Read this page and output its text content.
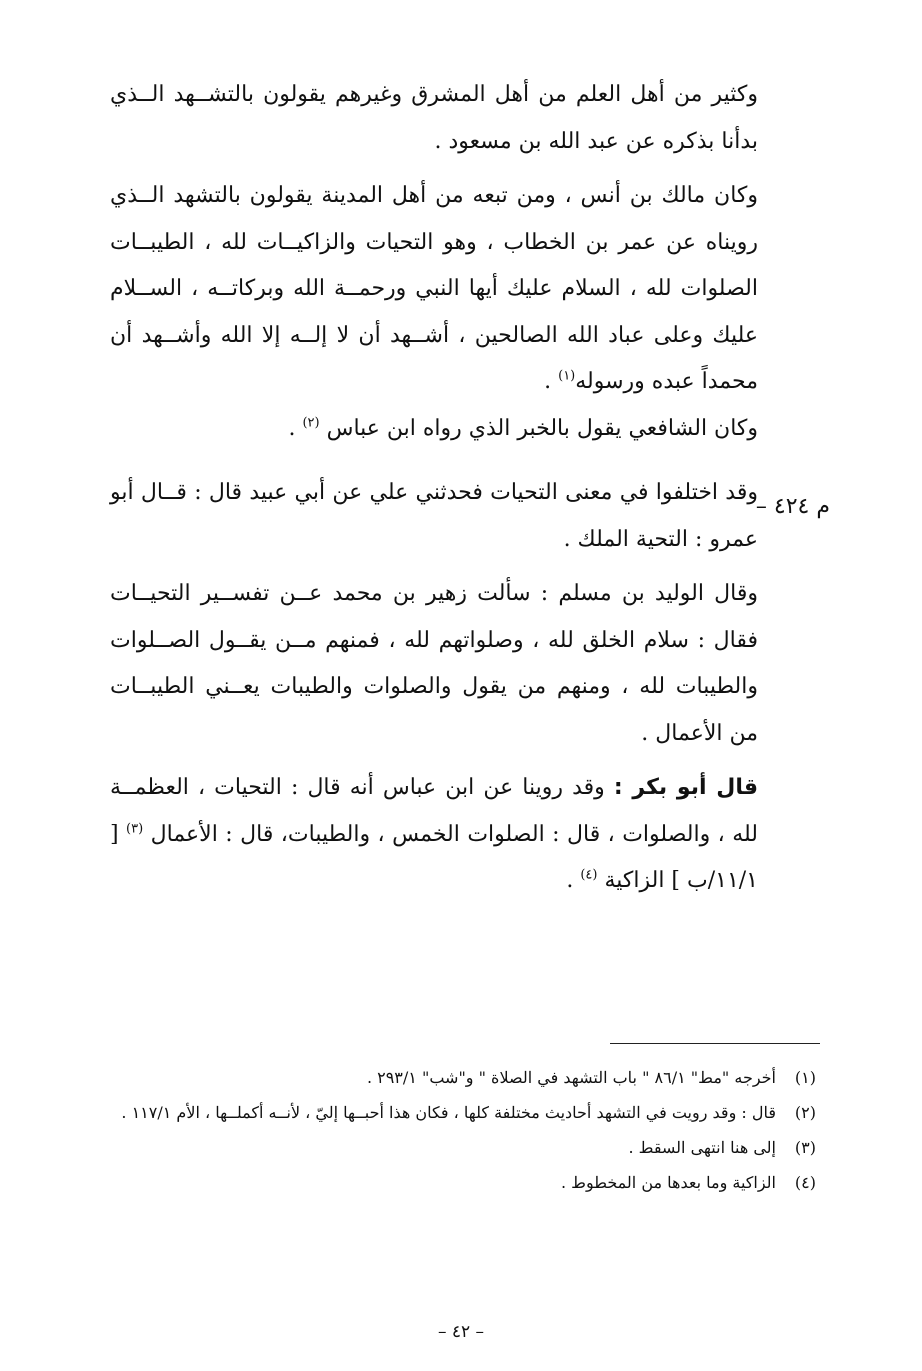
وكثير من أهل العلم من أهل المشرق وغيرهم يقولون بالتشــهد الــذي بدأنا بذكره عن عبد الله بن مسعود .

وكان مالك بن أنس ، ومن تبعه من أهل المدينة يقولون بالتشهد الــذي رويناه عن عمر بن الخطاب ، وهو التحيات والزاكيــات لله ، الطيبــات الصلوات لله ، السلام عليك أيها النبي ورحمــة الله وبركاتــه ، الســلام عليك وعلى عباد الله الصالحين ، أشــهد أن لا إلــه إلا الله وأشــهد أن محمداً عبده ورسوله$^{(١)}$ .

وكان الشافعي يقول بالخبر الذي رواه ابن عباس $^{(٢)}$ .

وقد اختلفوا في معنى التحيات فحدثني علي عن أبي عبيد قال : قــال أبو عمرو : التحية الملك .

وقال الوليد بن مسلم : سألت زهير بن محمد عــن تفســير التحيــات فقال : سلام الخلق لله ، وصلواتهم لله ، فمنهم مــن يقــول الصــلوات والطيبات لله ، ومنهم من يقول والصلوات والطيبات يعــني الطيبــات من الأعمال .

قال أبو بكر : وقد روينا عن ابن عباس أنه قال : التحيات ، العظمــة لله ، والصلوات ، قال : الصلوات الخمس ، والطيبات، قال : الأعمال $^{(٣)}$ [ ١١/١/ب ] الزاكية $^{(٤)}$ .

م ٤٢٤ –
(١)
أخرجه "مط" ٨٦/١ " باب التشهد في الصلاة " و"شب" ٢٩٣/١ .
(٢)
قال : وقد رويت في التشهد أحاديث مختلفة كلها ، فكان هذا أحبــها إليّ ، لأنــه أكملــها ، الأم ١١٧/١ .
(٣)
إلى هنا انتهى السقط .
(٤)
الزاكية وما بعدها من المخطوط .
– ٤٢ –
